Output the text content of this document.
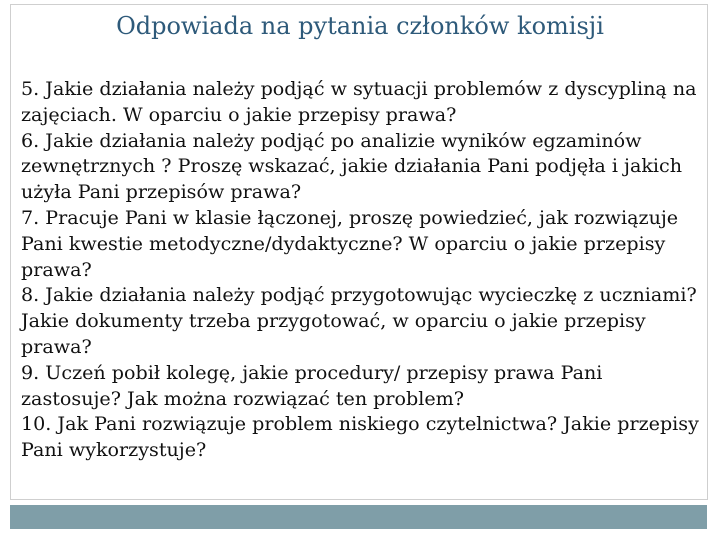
Odpowiada na pytania członków komisji

5. Jakie działania należy podjąć w sytuacji problemów z dyscypliną na
zajęciach. W oparciu o jakie przepisy prawa?

6. Jakie działania należy podjąć po analizie wyników egzaminów
zewnętrznych ? Proszę wskazać, jakie działania Pani podjęła i jakich
użyła Pani przepisów prawa?

7. Pracuje Pani w klasie łączonej, proszę powiedzieć, jak rozwiązuje
Pani kwestie metodyczne/dydaktyczne? W oparciu o jakie przepisy
prawa?

8. Jakie działania należy podjąć przygotowując wycieczkę z uczniami?
Jakie dokumenty trzeba przygotować, w oparciu o jakie przepisy
prawa?

9. Uczeń pobił kolegę, jakie procedury/ przepisy prawa Pani
zastosuje? Jak można rozwiązać ten problem?

10. Jak Pani rozwiązuje problem niskiego czytelnictwa? Jakie przepisy
Pani wykorzystuje?
